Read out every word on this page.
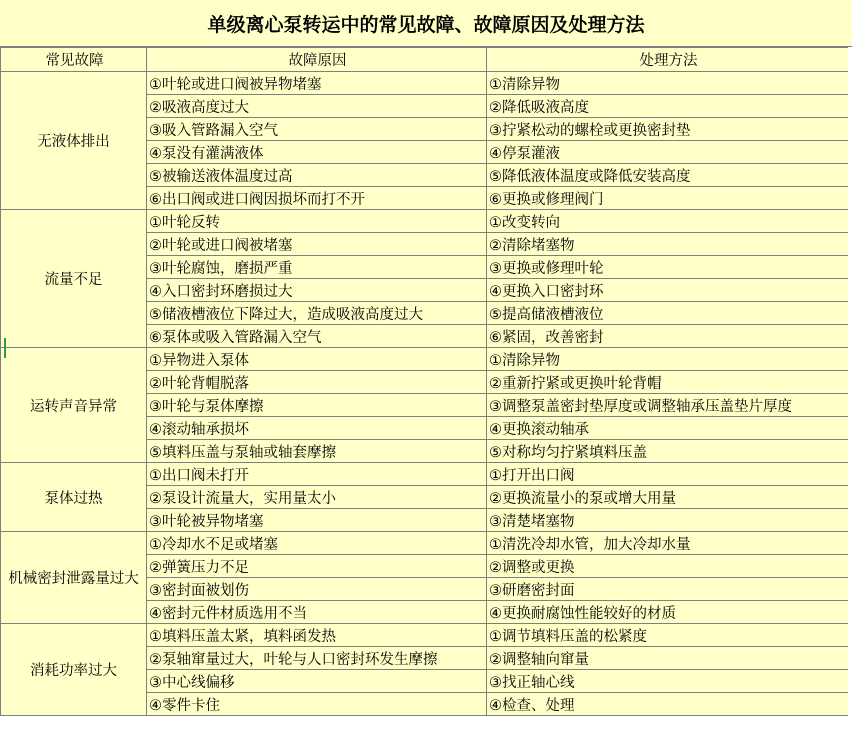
单级离心泵转运中的常见故障、故障原因及处理方法
常见故障	故障原因	处理方法
无液体排出	①叶轮或进口阀被异物堵塞	①清除异物
	②吸液高度过大	②降低吸液高度
	③吸入管路漏入空气	③拧紧松动的螺栓或更换密封垫
	④泵没有灌满液体	④停泵灌液
	⑤被输送液体温度过高	⑤降低液体温度或降低安装高度
	⑥出口阀或进口阀因损坏而打不开	⑥更换或修理阀门
流量不足	①叶轮反转	①改变转向
	②叶轮或进口阀被堵塞	②清除堵塞物
	③叶轮腐蚀，磨损严重	③更换或修理叶轮
	④入口密封环磨损过大	④更换入口密封环
	⑤储液槽液位下降过大，造成吸液高度过大	⑤提高储液槽液位
	⑥泵体或吸入管路漏入空气	⑥紧固，改善密封
运转声音异常	①异物进入泵体	①清除异物
	②叶轮背帽脱落	②重新拧紧或更换叶轮背帽
	③叶轮与泵体摩擦	③调整泵盖密封垫厚度或调整轴承压盖垫片厚度
	④滚动轴承损坏	④更换滚动轴承
	⑤填料压盖与泵轴或轴套摩擦	⑤对称均匀拧紧填料压盖
泵体过热	①出口阀未打开	①打开出口阀
	②泵设计流量大，实用量太小	②更换流量小的泵或增大用量
	③叶轮被异物堵塞	③清楚堵塞物
机械密封泄露量过大	①冷却水不足或堵塞	①清洗冷却水管，加大冷却水量
	②弹簧压力不足	②调整或更换
	③密封面被划伤	③研磨密封面
	④密封元件材质选用不当	④更换耐腐蚀性能较好的材质
消耗功率过大	①填料压盖太紧，填料函发热	①调节填料压盖的松紧度
	②泵轴窜量过大，叶轮与人口密封环发生摩擦	②调整轴向窜量
	③中心线偏移	③找正轴心线
	④零件卡住	④检查、处理
